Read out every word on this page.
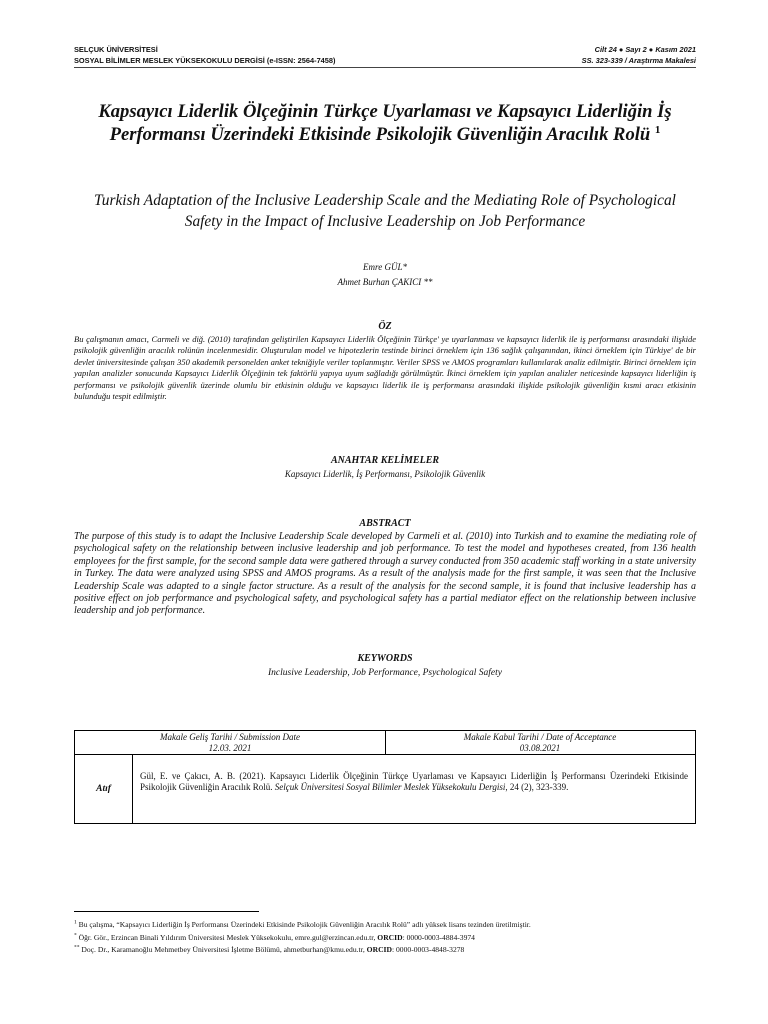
SELÇUK ÜNİVERSİTESİ
SOSYAL BİLİMLER MESLEK YÜKSEKOKULU DERGİSİ (e-ISSN: 2564-7458)
Cilt 24 ● Sayı 2 ● Kasım 2021
SS. 323-339 / Araştırma Makalesi
Kapsayıcı Liderlik Ölçeğinin Türkçe Uyarlaması ve Kapsayıcı Liderliğin İş Performansı Üzerindeki Etkisinde Psikolojik Güvenliğin Aracılık Rolü $^1$
Turkish Adaptation of the Inclusive Leadership Scale and the Mediating Role of Psychological Safety in the Impact of Inclusive Leadership on Job Performance
Emre GÜL*
Ahmet Burhan ÇAKICI **
ÖZ
Bu çalışmanın amacı, Carmeli ve diğ. (2010) tarafından geliştirilen Kapsayıcı Liderlik Ölçeğinin Türkçe' ye uyarlanması ve kapsayıcı liderlik ile iş performansı arasındaki ilişkide psikolojik güvenliğin aracılık rolünün incelenmesidir. Oluşturulan model ve hipotezlerin testinde birinci örneklem için 136 sağlık çalışanından, ikinci örneklem için Türkiye' de bir devlet üniversitesinde çalışan 350 akademik personelden anket tekniğiyle veriler toplanmıştır. Veriler SPSS ve AMOS programları kullanılarak analiz edilmiştir. Birinci örneklem için yapılan analizler sonucunda Kapsayıcı Liderlik Ölçeğinin tek faktörlü yapıya uyum sağladığı görülmüştür. İkinci örneklem için yapılan analizler neticesinde kapsayıcı liderliğin iş performansı ve psikolojik güvenlik üzerinde olumlu bir etkisinin olduğu ve kapsayıcı liderlik ile iş performansı arasındaki ilişkide psikolojik güvenliğin kısmi aracı etkisinin bulunduğu tespit edilmiştir.
ANAHTAR KELİMELER
Kapsayıcı Liderlik, İş Performansı, Psikolojik Güvenlik
ABSTRACT
The purpose of this study is to adapt the Inclusive Leadership Scale developed by Carmeli et al. (2010) into Turkish and to examine the mediating role of psychological safety on the relationship between inclusive leadership and job performance. To test the model and hypotheses created, from 136 health employees for the first sample, for the second sample data were gathered through a survey conducted from 350 academic staff working in a state university in Turkey. The data were analyzed using SPSS and AMOS programs. As a result of the analysis made for the first sample, it was seen that the Inclusive Leadership Scale was adapted to a single factor structure. As a result of the analysis for the second sample, it is found that inclusive leadership has a positive effect on job performance and psychological safety, and psychological safety has a partial mediator effect on the relationship between inclusive leadership and job performance.
KEYWORDS
Inclusive Leadership, Job Performance, Psychological Safety
Makale Geliş Tarihi / Submission Date
12.03. 2021
Makale Kabul Tarihi / Date of Acceptance
03.08.2021
Atıf
Gül, E. ve Çakıcı, A. B. (2021). Kapsayıcı Liderlik Ölçeğinin Türkçe Uyarlaması ve Kapsayıcı Liderliğin İş Performansı Üzerindeki Etkisinde Psikolojik Güvenliğin Aracılık Rolü. Selçuk Üniversitesi Sosyal Bilimler Meslek Yüksekokulu Dergisi, 24 (2), 323-339.
$^1$ Bu çalışma, “Kapsayıcı Liderliğin İş Performansı Üzerindeki Etkisinde Psikolojik Güvenliğin Aracılık Rolü” adlı yüksek lisans tezinden üretilmiştir.
* Öğr. Gör., Erzincan Binali Yıldırım Üniversitesi Meslek Yüksekokulu, emre.gul@erzincan.edu.tr, ORCID: 0000-0003-4884-3974
** Doç. Dr., Karamanoğlu Mehmetbey Üniversitesi İşletme Bölümü, ahmetburhan@kmu.edu.tr, ORCID: 0000-0003-4848-3278
